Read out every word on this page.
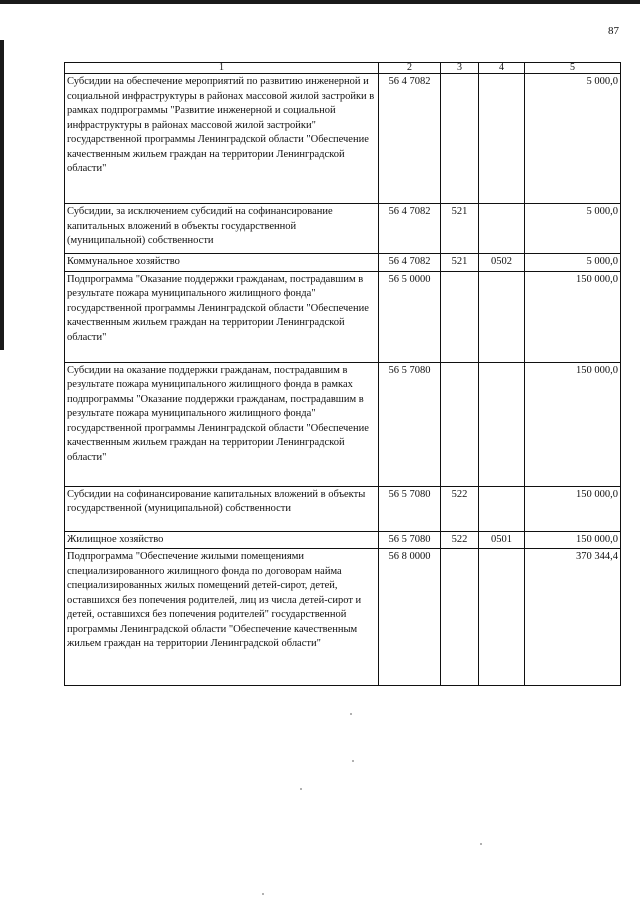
87
1	2	3	4	5
Субсидии на обеспечение мероприятий по развитию инженерной и социальной инфраструктуры в районах массовой жилой застройки в рамках подпрограммы "Развитие инженерной и социальной инфраструктуры в районах массовой жилой застройки" государственной программы Ленинградской области "Обеспечение качественным жильем граждан на территории Ленинградской области"	56 4 7082			5 000,0
Субсидии, за исключением субсидий на софинансирование капитальных вложений в объекты государственной (муниципальной) собственности	56 4 7082	521		5 000,0
Коммунальное хозяйство	56 4 7082	521	0502	5 000,0
Подпрограмма "Оказание поддержки гражданам, пострадавшим в результате пожара муниципального жилищного фонда" государственной программы Ленинградской области "Обеспечение качественным жильем граждан на территории Ленинградской области"	56 5 0000			150 000,0
Субсидии на оказание поддержки гражданам, пострадавшим в результате пожара муниципального жилищного фонда в рамках подпрограммы "Оказание поддержки гражданам, пострадавшим в результате пожара муниципального жилищного фонда" государственной программы Ленинградской области "Обеспечение качественным жильем граждан на территории Ленинградской области"	56 5 7080			150 000,0
Субсидии на софинансирование капитальных вложений в объекты государственной (муниципальной) собственности	56 5 7080	522		150 000,0
Жилищное хозяйство	56 5 7080	522	0501	150 000,0
Подпрограмма "Обеспечение жилыми помещениями специализированного жилищного фонда по договорам найма специализированных жилых помещений детей-сирот, детей, оставшихся без попечения родителей, лиц из числа детей-сирот и детей, оставшихся без попечения родителей" государственной программы Ленинградской области "Обеспечение качественным жильем граждан на территории Ленинградской области"	56 8 0000			370 344,4
